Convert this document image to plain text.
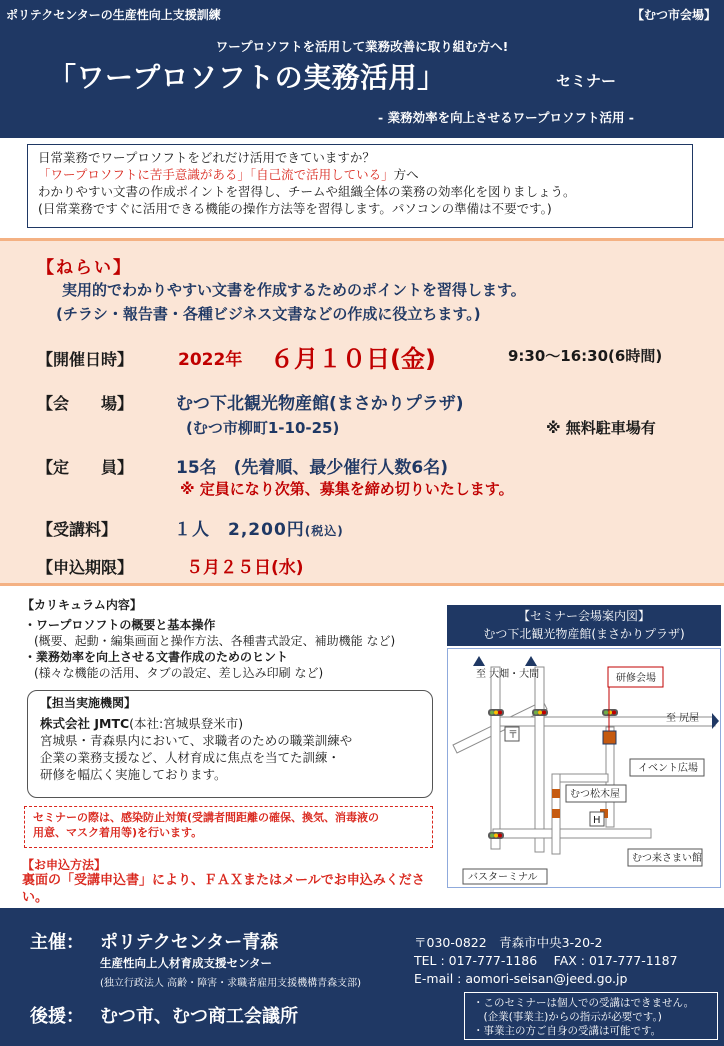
ポリテクセンターの生産性向上支援訓練	【むつ市会場】
ワープロソフトを活用して業務改善に取り組む方へ!
「ワープロソフトの実務活用」	セミナー
- 業務効率を向上させるワープロソフト活用 -
日常業務でワープロソフトをどれだけ活用できていますか？
「ワープロソフトに苦手意識がある」「自己流で活用している」方へ
わかりやすい文書の作成ポイントを習得し、チームや組織全体の業務の効率化を図りましょう。
(日常業務ですぐに活用できる機能の操作方法等を習得します。パソコンの準備は不要です。)
【ねらい】
実用的でわかりやすい文書を作成するためのポイントを習得します。
(チラシ・報告書・各種ビジネス文書などの作成に役立ちます。)
【開催日時】	2022年 ６月１０日(金)	9:30～16:30(6時間)
【会　　場】	むつ下北観光物産館(まさかりプラザ)
(むつ市柳町1-10-25)	※ 無料駐車場有
【定　　員】	15名　(先着順、最少催行人数6名)
※ 定員になり次第、募集を締め切りいたします。
【受講料】	１人　2,200円(税込)
【申込期限】	５月２５日(水)
【カリキュラム内容】
・ワープロソフトの概要と基本操作
(概要、起動・編集画面と操作方法、各種書式設定、補助機能 など)
・業務効率を向上させる文書作成のためのヒント
(様々な機能の活用、タブの設定、差し込み印刷 など)
【担当実施機関】
株式会社 JMTC(本社:宮城県登米市)
宮城県・青森県内において、求職者のための職業訓練や
企業の業務支援など、人材育成に焦点を当てた訓練・
研修を幅広く実施しております。
セミナーの際は、感染防止対策(受講者間距離の確保、換気、消毒液の
用意、マスク着用等)を行います。
【お申込方法】
裏面の「受講申込書」により、ＦＡＸまたはメールでお申込みください。
【セミナー会場案内図】
むつ下北観光物産館(まさかりプラザ)
研修会場
〒
至 大畑・大間
至 尻屋
イベント広場
むつ松木屋
H
むつ来さまい館
バスターミナル
主催： ポリテクセンター青森
生産性向上人材育成支援センター
(独立行政法人 高齢・障害・求職者雇用支援機構青森支部)
〒030-0822　青森市中央3-20-2
TEL : 017-777-1186　 FAX : 017-777-1187
E-mail : aomori-seisan@jeed.go.jp
後援： むつ市、むつ商工会議所
・このセミナーは個人での受講はできません。
　(企業(事業主)からの指示が必要です。)
・事業主の方ご自身の受講は可能です。
